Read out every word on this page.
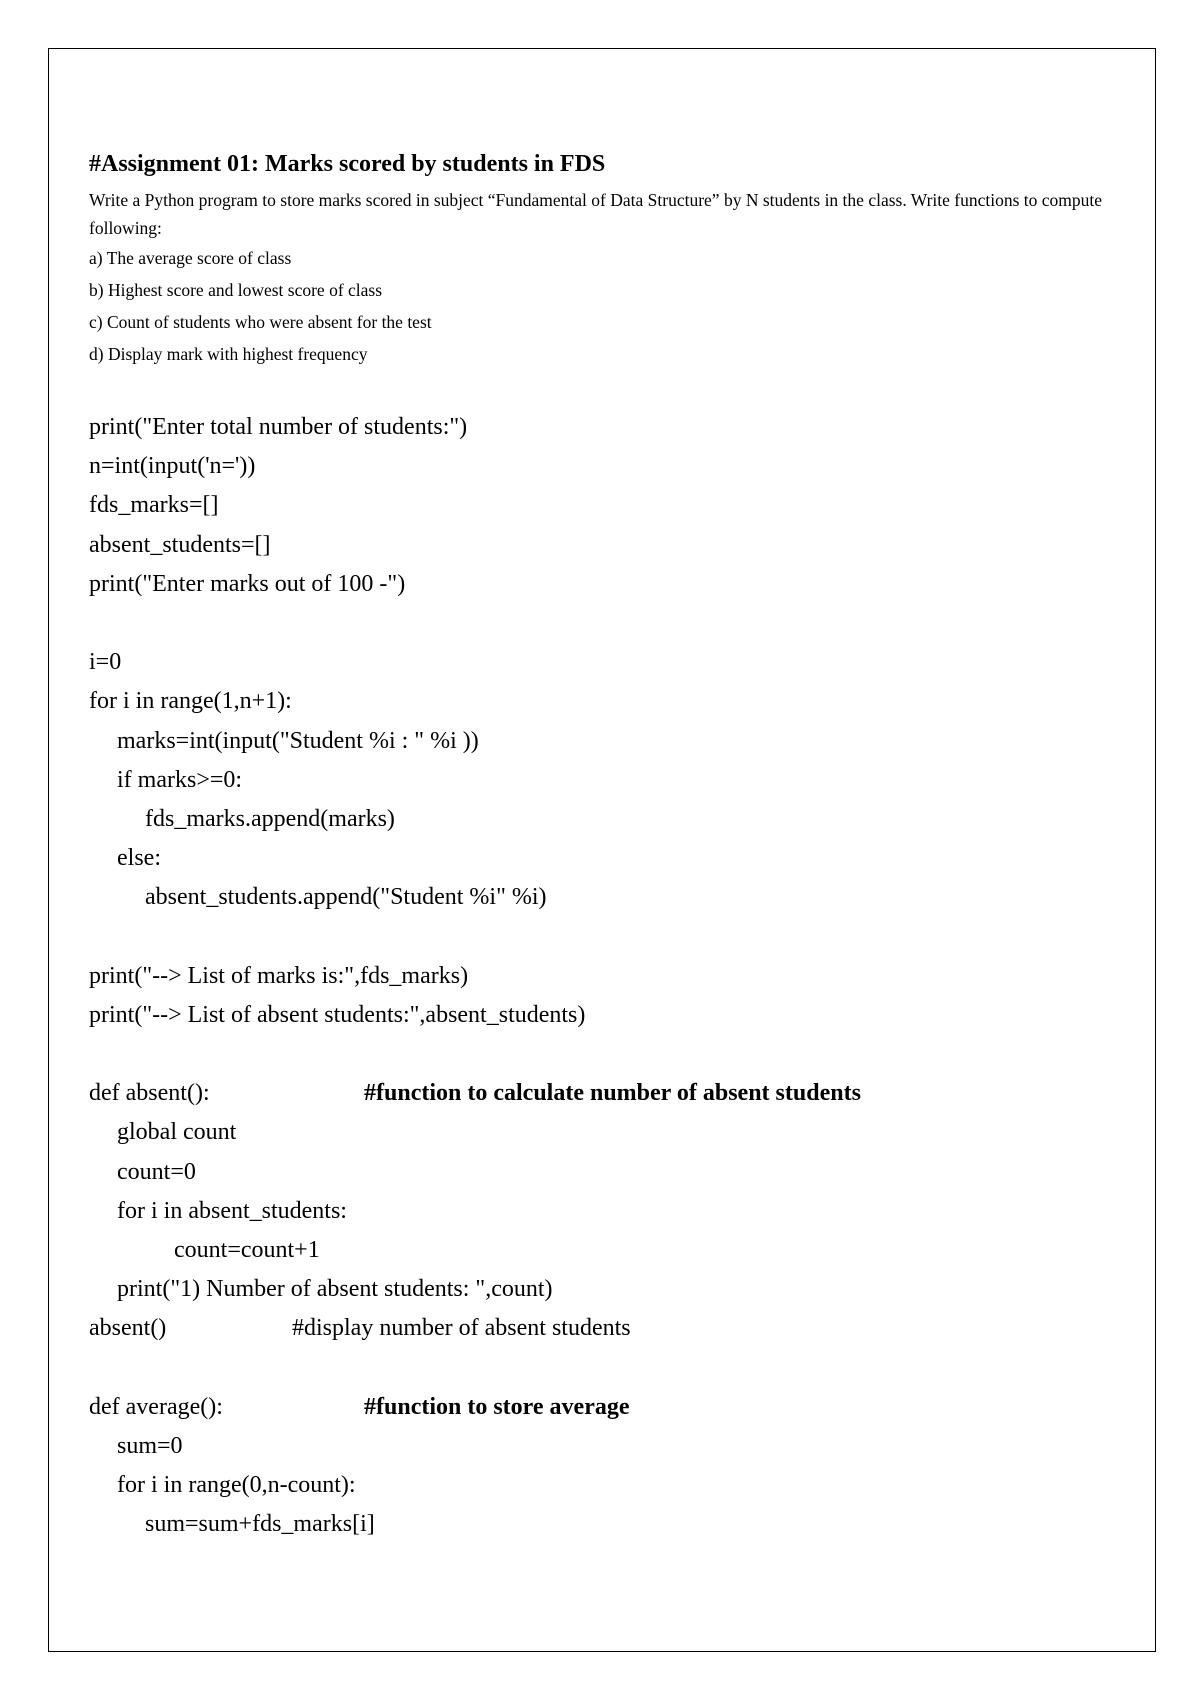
#Assignment 01: Marks scored by students in FDS

Write a Python program to store marks scored in subject “Fundamental of Data Structure” by N students in the class. Write functions to compute following:

a) The average score of class

b) Highest score and lowest score of class

c) Count of students who were absent for the test

d) Display mark with highest frequency

print("Enter total number of students:")
n=int(input('n='))
fds_marks=[]
absent_students=[]
print("Enter marks out of 100 -")
i=0
for i in range(1,n+1):
marks=int(input("Student %i : " %i ))
if marks>=0:
fds_marks.append(marks)
else:
absent_students.append("Student %i" %i)
print("--> List of marks is:",fds_marks)
print("--> List of absent students:",absent_students)
def absent():	#function to calculate number of absent students
global count
count=0
for i in absent_students:
count=count+1
print("1) Number of absent students: ",count)
absent()	#display number of absent students
def average():	#function to store average
sum=0
for i in range(0,n-count):
sum=sum+fds_marks[i]
